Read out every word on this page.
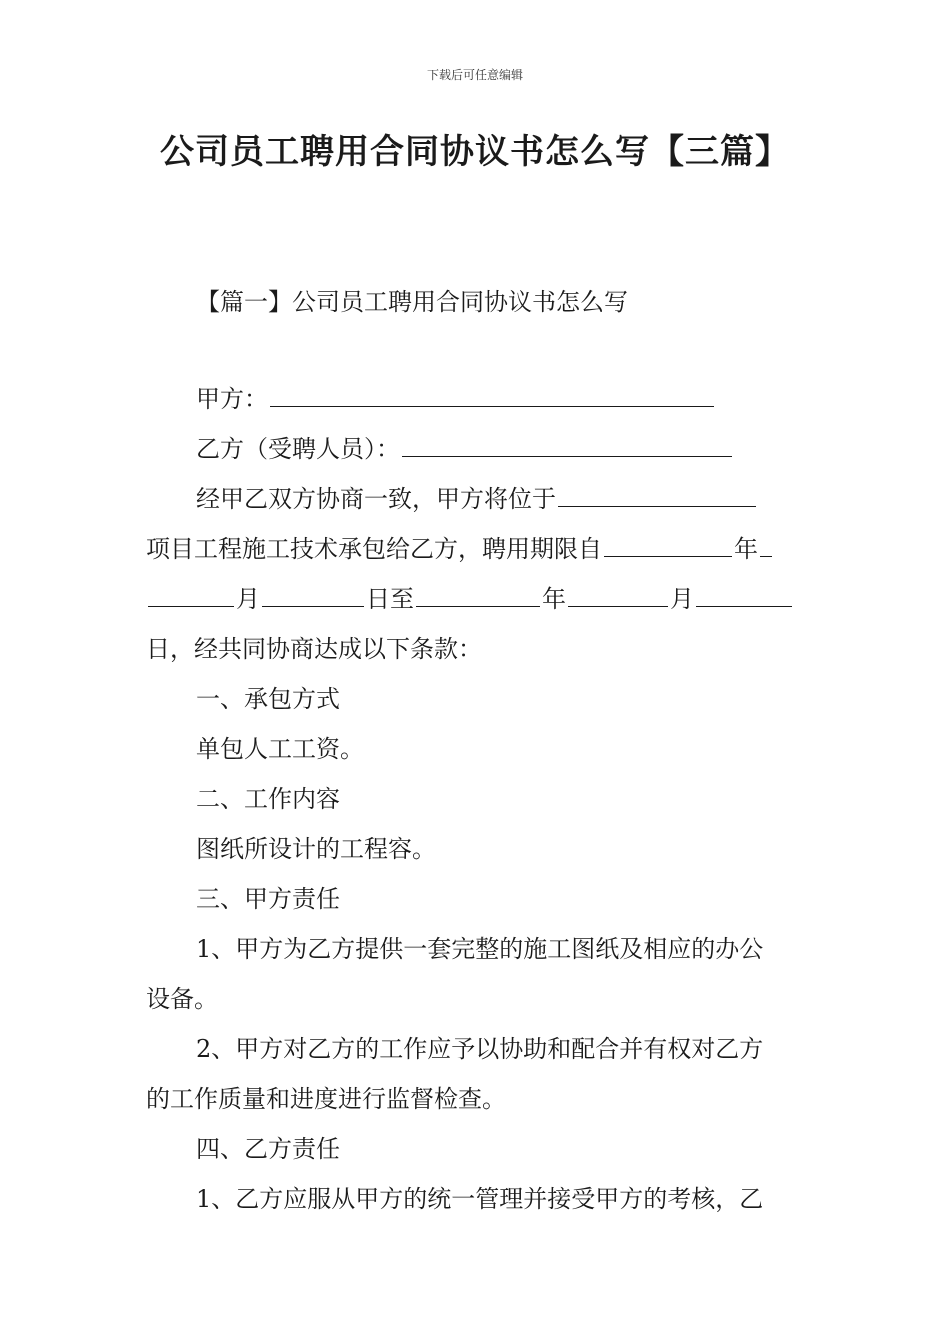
下载后可任意编辑
公司员工聘用合同协议书怎么写【三篇】
【篇一】公司员工聘用合同协议书怎么写
甲方：
乙方（受聘人员）：
经甲乙双方协商一致，甲方将位于
项目工程施工技术承包给乙方，聘用期限自	年
月	日至	年	月
日，经共同协商达成以下条款：
一、承包方式
单包人工工资。
二、工作内容
图纸所设计的工程容。
三、甲方责任
1、甲方为乙方提供一套完整的施工图纸及相应的办公
设备。
2、甲方对乙方的工作应予以协助和配合并有权对乙方
的工作质量和进度进行监督检查。
四、乙方责任
1、乙方应服从甲方的统一管理并接受甲方的考核，乙
